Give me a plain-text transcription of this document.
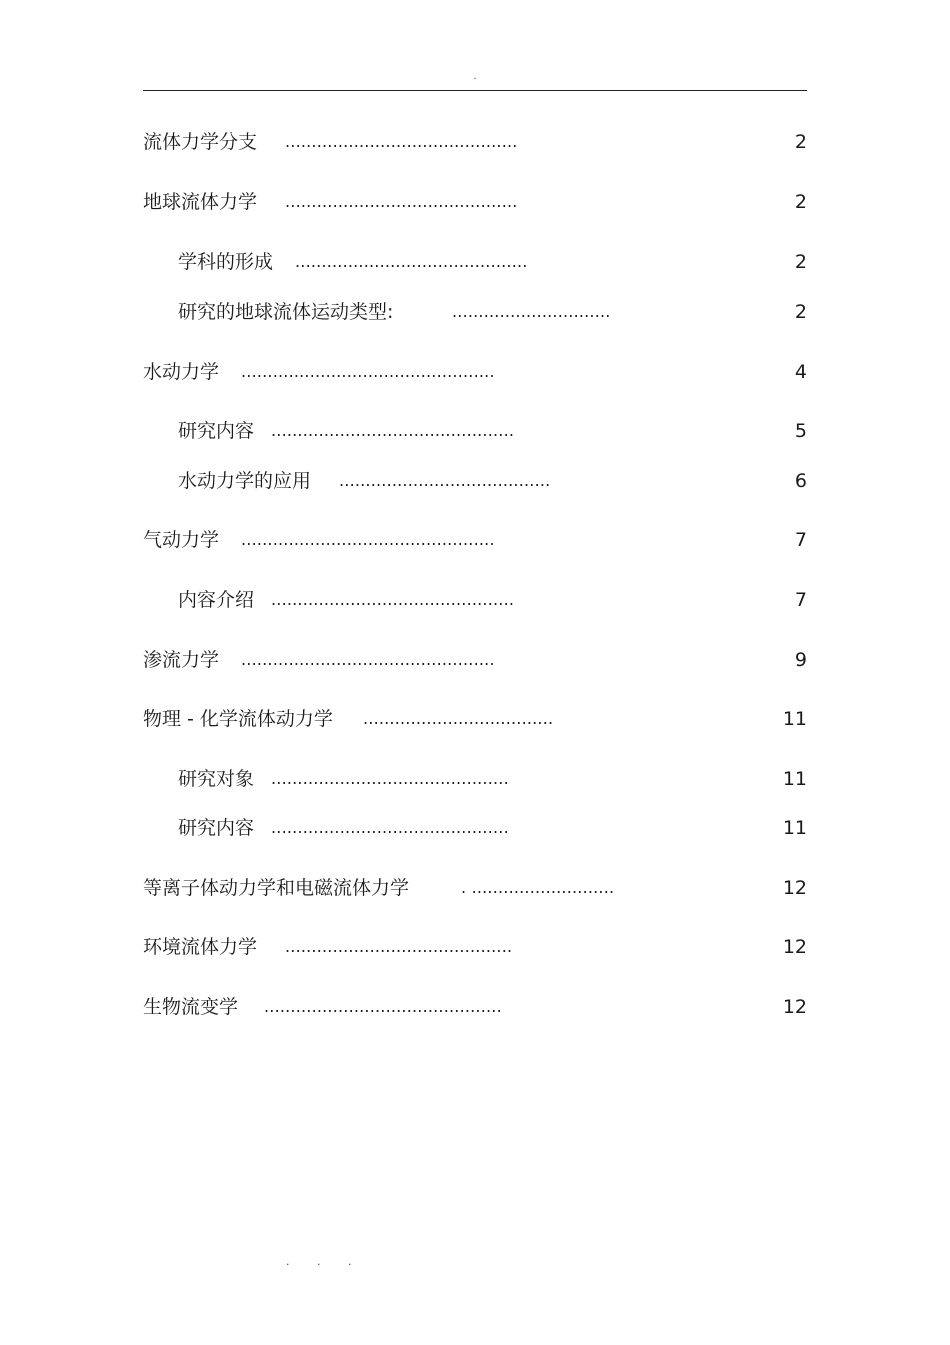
.
流体力学分支 ............................................	2
地球流体力学 ............................................	2
学科的形成 ............................................	2
研究的地球流体运动类型:	..............................	2
水动力学 ................................................	4
研究内容 ..............................................	5
水动力学的应用 ........................................	6
气动力学 ................................................	7
内容介绍 ..............................................	7
渗流力学 ................................................	9
物理 - 化学流体动力学 ....................................	11
研究对象 .............................................	11
研究内容 .............................................	11
等离子体动力学和电磁流体力学	. ...........................	12
环境流体力学 ...........................................	12
生物流变学 .............................................	12
. . .
